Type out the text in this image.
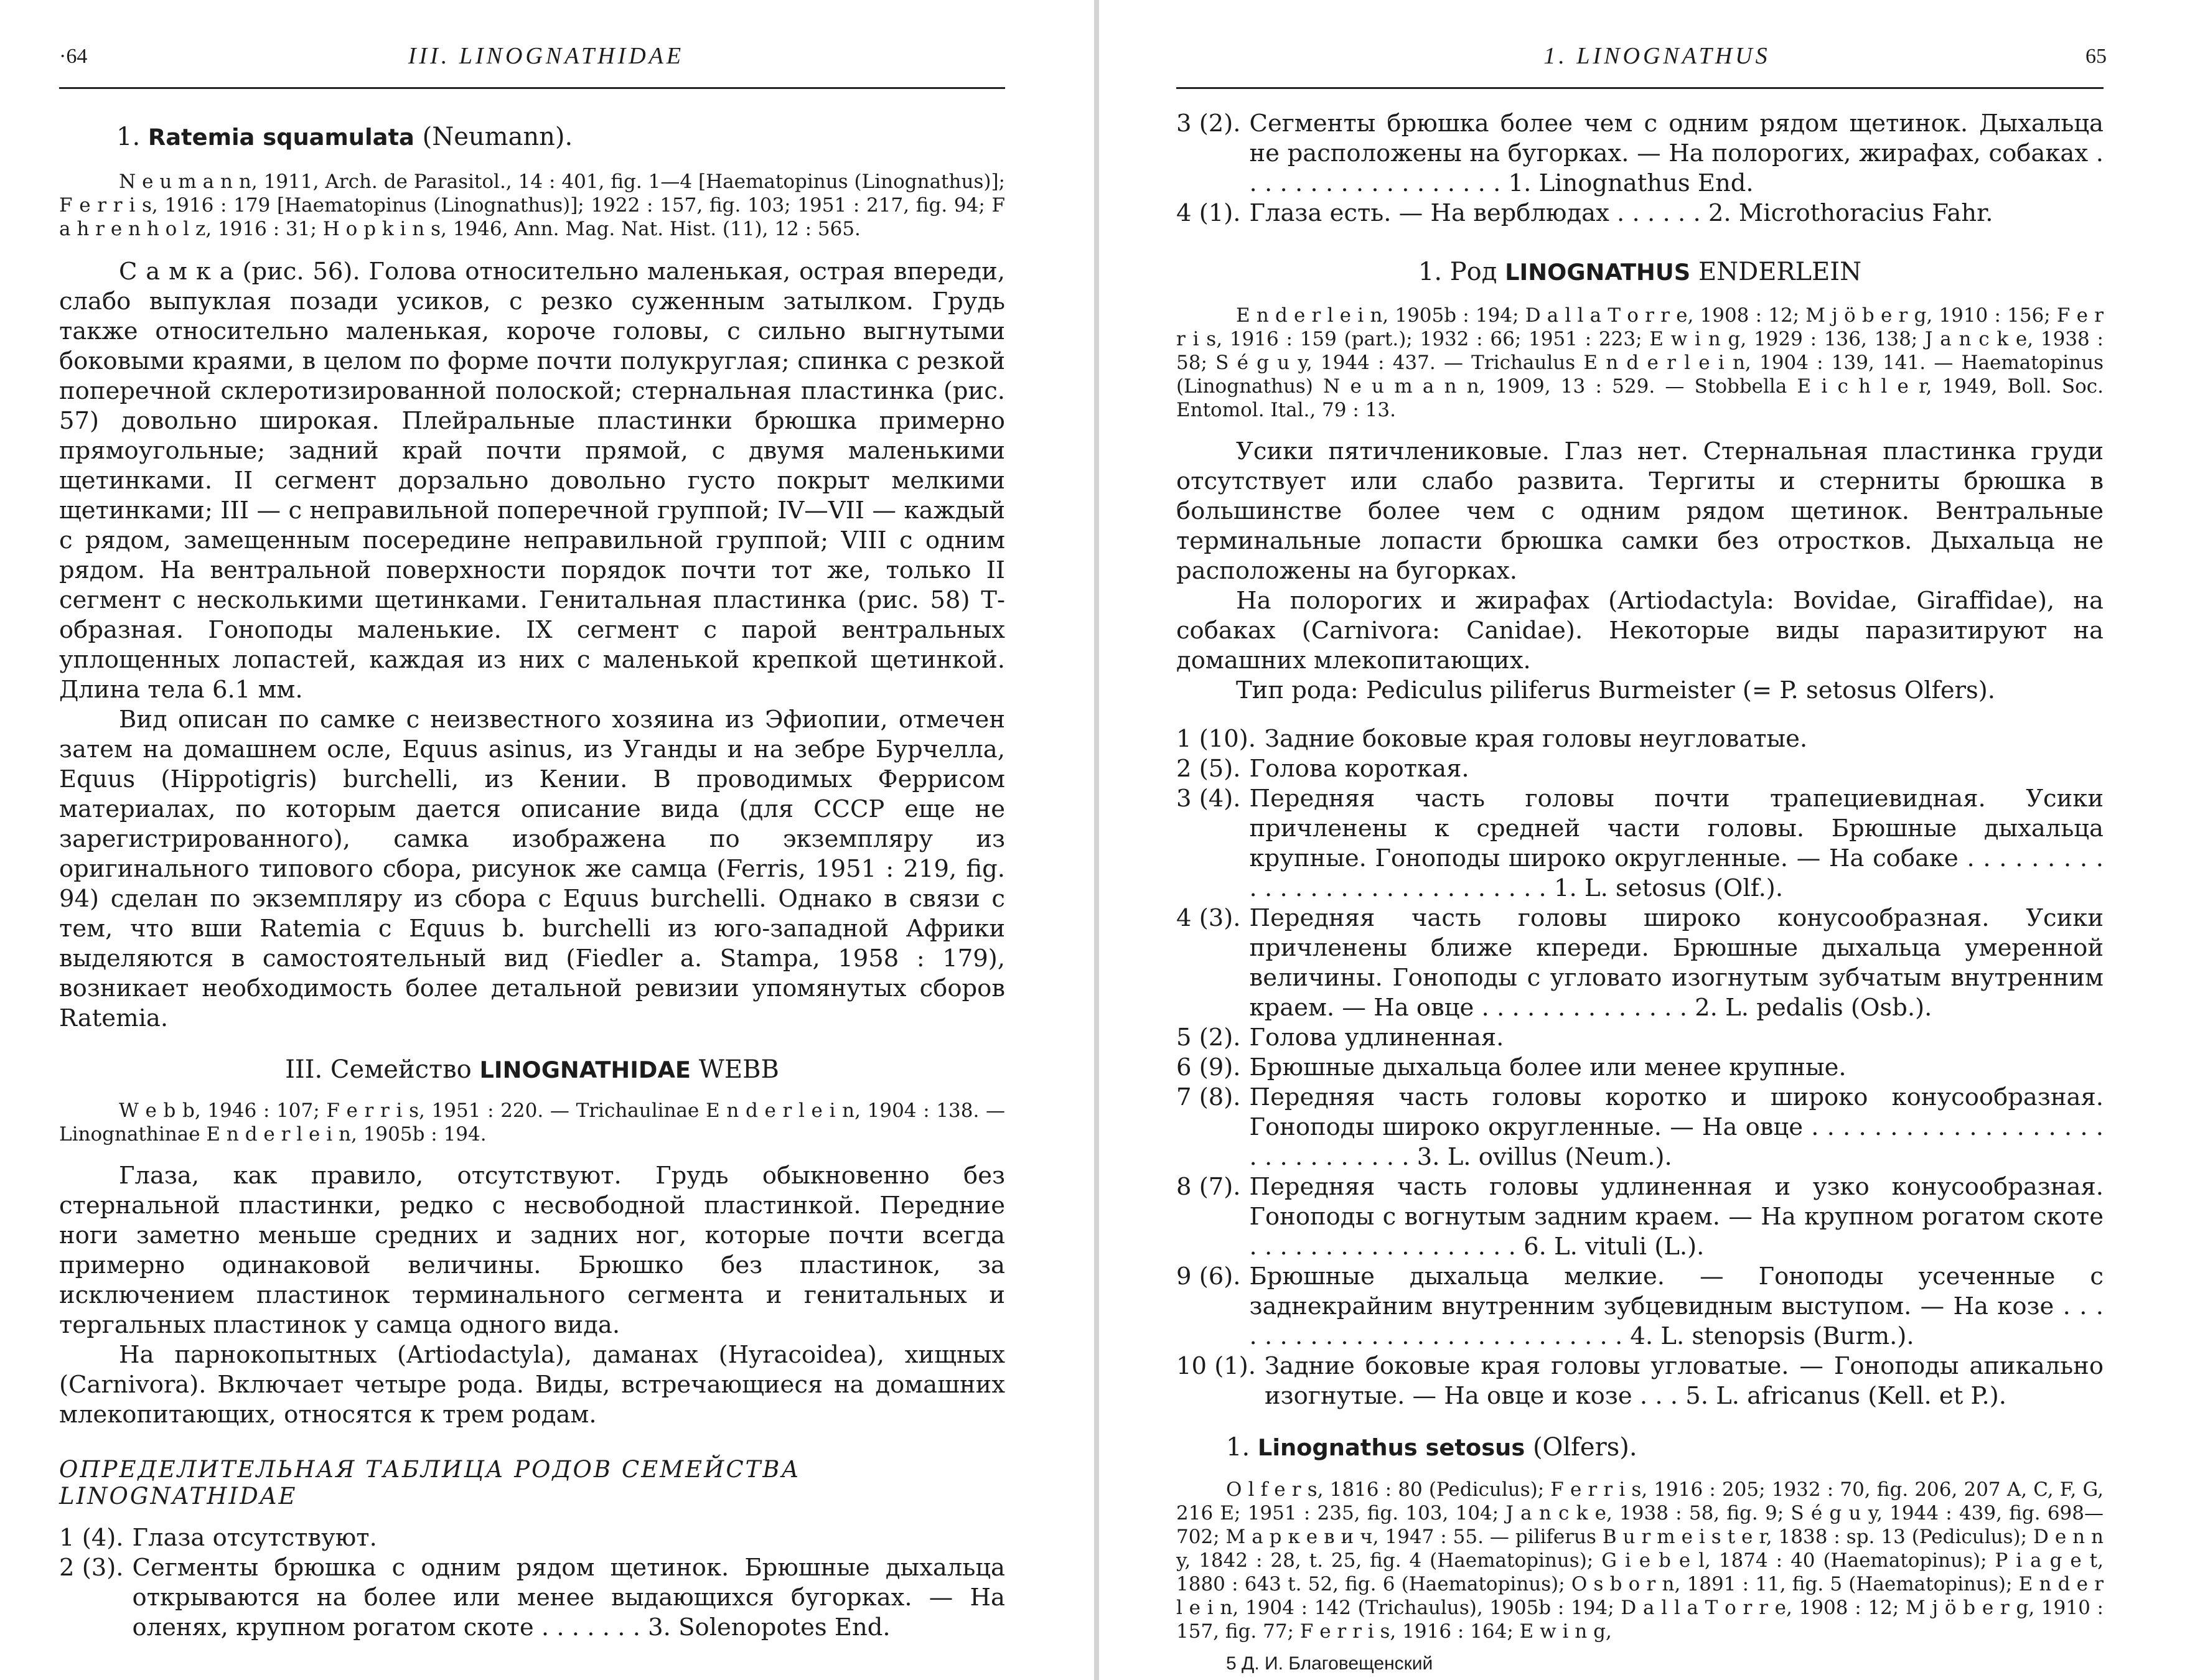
·64	III. LINOGNATHIDAE
1. Ratemia squamulata (Neumann).

N e u m a n n, 1911, Arch. de Parasitol., 14 : 401, fig. 1—4 [Haematopinus (Linognathus)]; F e r r i s, 1916 : 179 [Haematopinus (Linognathus)]; 1922 : 157, fig. 103; 1951 : 217, fig. 94; F a h r e n h o l z, 1916 : 31; H o p k i n s, 1946, Ann. Mag. Nat. Hist. (11), 12 : 565.

С а м к а (рис. 56). Голова относительно маленькая, острая впереди, слабо выпуклая позади усиков, с резко суженным затылком. Грудь также относительно маленькая, короче головы, с сильно выгнутыми боковыми краями, в целом по форме почти полукруглая; спинка с резкой поперечной склеротизированной полоской; стернальная пластинка (рис. 57) довольно широкая. Плейральные пластинки брюшка примерно прямоугольные; задний край почти прямой, с двумя маленькими щетинками. II сегмент дорзально довольно густо покрыт мелкими щетинками; III — с неправильной поперечной группой; IV—VII — каждый с рядом, замещенным посередине неправильной группой; VIII с одним рядом. На вентральной поверхности порядок почти тот же, только II сегмент с несколькими щетинками. Генитальная пластинка (рис. 58) Т-образная. Гоноподы маленькие. IX сегмент с парой вентральных уплощенных лопастей, каждая из них с маленькой крепкой щетинкой. Длина тела 6.1 мм.

Вид описан по самке с неизвестного хозяина из Эфиопии, отмечен затем на домашнем осле, Equus asinus, из Уганды и на зебре Бурчелла, Equus (Hippotigris) burchelli, из Кении. В проводимых Феррисом материалах, по которым дается описание вида (для СССР еще не зарегистрированного), самка изображена по экземпляру из оригинального типового сбора, рисунок же самца (Ferris, 1951 : 219, fig. 94) сделан по экземпляру из сбора с Equus burchelli. Однако в связи с тем, что вши Ratemia с Equus b. burchelli из юго-западной Африки выделяются в самостоятельный вид (Fiedler a. Stampa, 1958 : 179), возникает необходимость более детальной ревизии упомянутых сборов Ratemia.

III. Семейство LINOGNATHIDAE WEBB

W e b b, 1946 : 107; F e r r i s, 1951 : 220. — Trichaulinae E n d e r l e i n, 1904 : 138. — Linognathinae E n d e r l e i n, 1905b : 194.

Глаза, как правило, отсутствуют. Грудь обыкновенно без стернальной пластинки, редко с несвободной пластинкой. Передние ноги заметно меньше средних и задних ног, которые почти всегда примерно одинаковой величины. Брюшко без пластинок, за исключением пластинок терминального сегмента и генитальных и тергальных пластинок у самца одного вида.

На парнокопытных (Artiodactyla), даманах (Hyracoidea), хищных (Carnivora). Включает четыре рода. Виды, встречающиеся на домашних млекопитающих, относятся к трем родам.

ОПРЕДЕЛИТЕЛЬНАЯ ТАБЛИЦА РОДОВ СЕМЕЙСТВА LINOGNATHIDAE
1 (4). Глаза отсутствуют.
2 (3). Сегменты брюшка с одним рядом щетинок. Брюшные дыхальца открываются на более или менее выдающихся бугорках. — На оленях, крупном рогатом скоте . . . . . . . 3. Solenopotes End.
1. LINOGNATHUS	65
3 (2). Сегменты брюшка более чем с одним рядом щетинок. Дыхальца не расположены на бугорках. — На полорогих, жирафах, собаках . . . . . . . . . . . . . . . . . . 1. Linognathus End.
4 (1). Глаза есть. — На верблюдах . . . . . . 2. Microthoracius Fahr.
1. Род LINOGNATHUS ENDERLEIN

E n d e r l e i n, 1905b : 194; D a l l a T o r r e, 1908 : 12; M j ö b e r g, 1910 : 156; F e r r i s, 1916 : 159 (part.); 1932 : 66; 1951 : 223; E w i n g, 1929 : 136, 138; J a n c k e, 1938 : 58; S é g u y, 1944 : 437. — Trichaulus E n d e r l e i n, 1904 : 139, 141. — Haematopinus (Linognathus) N e u m a n n, 1909, 13 : 529. — Stobbella E i c h l e r, 1949, Boll. Soc. Entomol. Ital., 79 : 13.

Усики пятичлениковые. Глаз нет. Стернальная пластинка груди отсутствует или слабо развита. Тергиты и стерниты брюшка в большинстве более чем с одним рядом щетинок. Вентральные терминальные лопасти брюшка самки без отростков. Дыхальца не расположены на бугорках.

На полорогих и жирафах (Artiodactyla: Bovidae, Giraffidae), на собаках (Carnivora: Canidae). Некоторые виды паразитируют на домашних млекопитающих.

Тип рода: Pediculus piliferus Burmeister (= P. setosus Olfers).

1 (10). Задние боковые края головы неугловатые.
2 (5). Голова короткая.
3 (4). Передняя часть головы почти трапециевидная. Усики причленены к средней части головы. Брюшные дыхальца крупные. Гоноподы широко округленные. — На собаке . . . . . . . . . . . . . . . . . . . . . . . . . . . . . 1. L. setosus (Olf.).
4 (3). Передняя часть головы широко конусообразная. Усики причленены ближе кпереди. Брюшные дыхальца умеренной величины. Гоноподы с угловато изогнутым зубчатым внутренним краем. — На овце . . . . . . . . . . . . . . 2. L. pedalis (Osb.).
5 (2). Голова удлиненная.
6 (9). Брюшные дыхальца более или менее крупные.
7 (8). Передняя часть головы коротко и широко конусообразная. Гоноподы широко округленные. — На овце . . . . . . . . . . . . . . . . . . . . . . . . . . . . . . 3. L. ovillus (Neum.).
8 (7). Передняя часть головы удлиненная и узко конусообразная. Гоноподы с вогнутым задним краем. — На крупном рогатом скоте . . . . . . . . . . . . . . . . . . 6. L. vituli (L.).
9 (6). Брюшные дыхальца мелкие. — Гоноподы усеченные с заднекрайним внутренним зубцевидным выступом. — На козе . . . . . . . . . . . . . . . . . . . . . . . . . . . . 4. L. stenopsis (Burm.).
10 (1). Задние боковые края головы угловатые. — Гоноподы апикально изогнутые. — На овце и козе . . . 5. L. africanus (Kell. et P.).
1. Linognathus setosus (Olfers).

O l f e r s, 1816 : 80 (Pediculus); F e r r i s, 1916 : 205; 1932 : 70, fig. 206, 207 A, C, F, G, 216 E; 1951 : 235, fig. 103, 104; J a n c k e, 1938 : 58, fig. 9; S é g u y, 1944 : 439, fig. 698—702; М а р к е в и ч, 1947 : 55. — piliferus B u r m e i s t e r, 1838 : sp. 13 (Pediculus); D e n n y, 1842 : 28, t. 25, fig. 4 (Haematopinus); G i e b e l, 1874 : 40 (Haematopinus); P i a g e t, 1880 : 643 t. 52, fig. 6 (Haematopinus); O s b o r n, 1891 : 11, fig. 5 (Haematopinus); E n d e r l e i n, 1904 : 142 (Trichaulus), 1905b : 194; D a l l a T o r r e, 1908 : 12; M j ö b e r g, 1910 : 157, fig. 77; F e r r i s, 1916 : 164; E w i n g,

5 Д. И. Благовещенский
